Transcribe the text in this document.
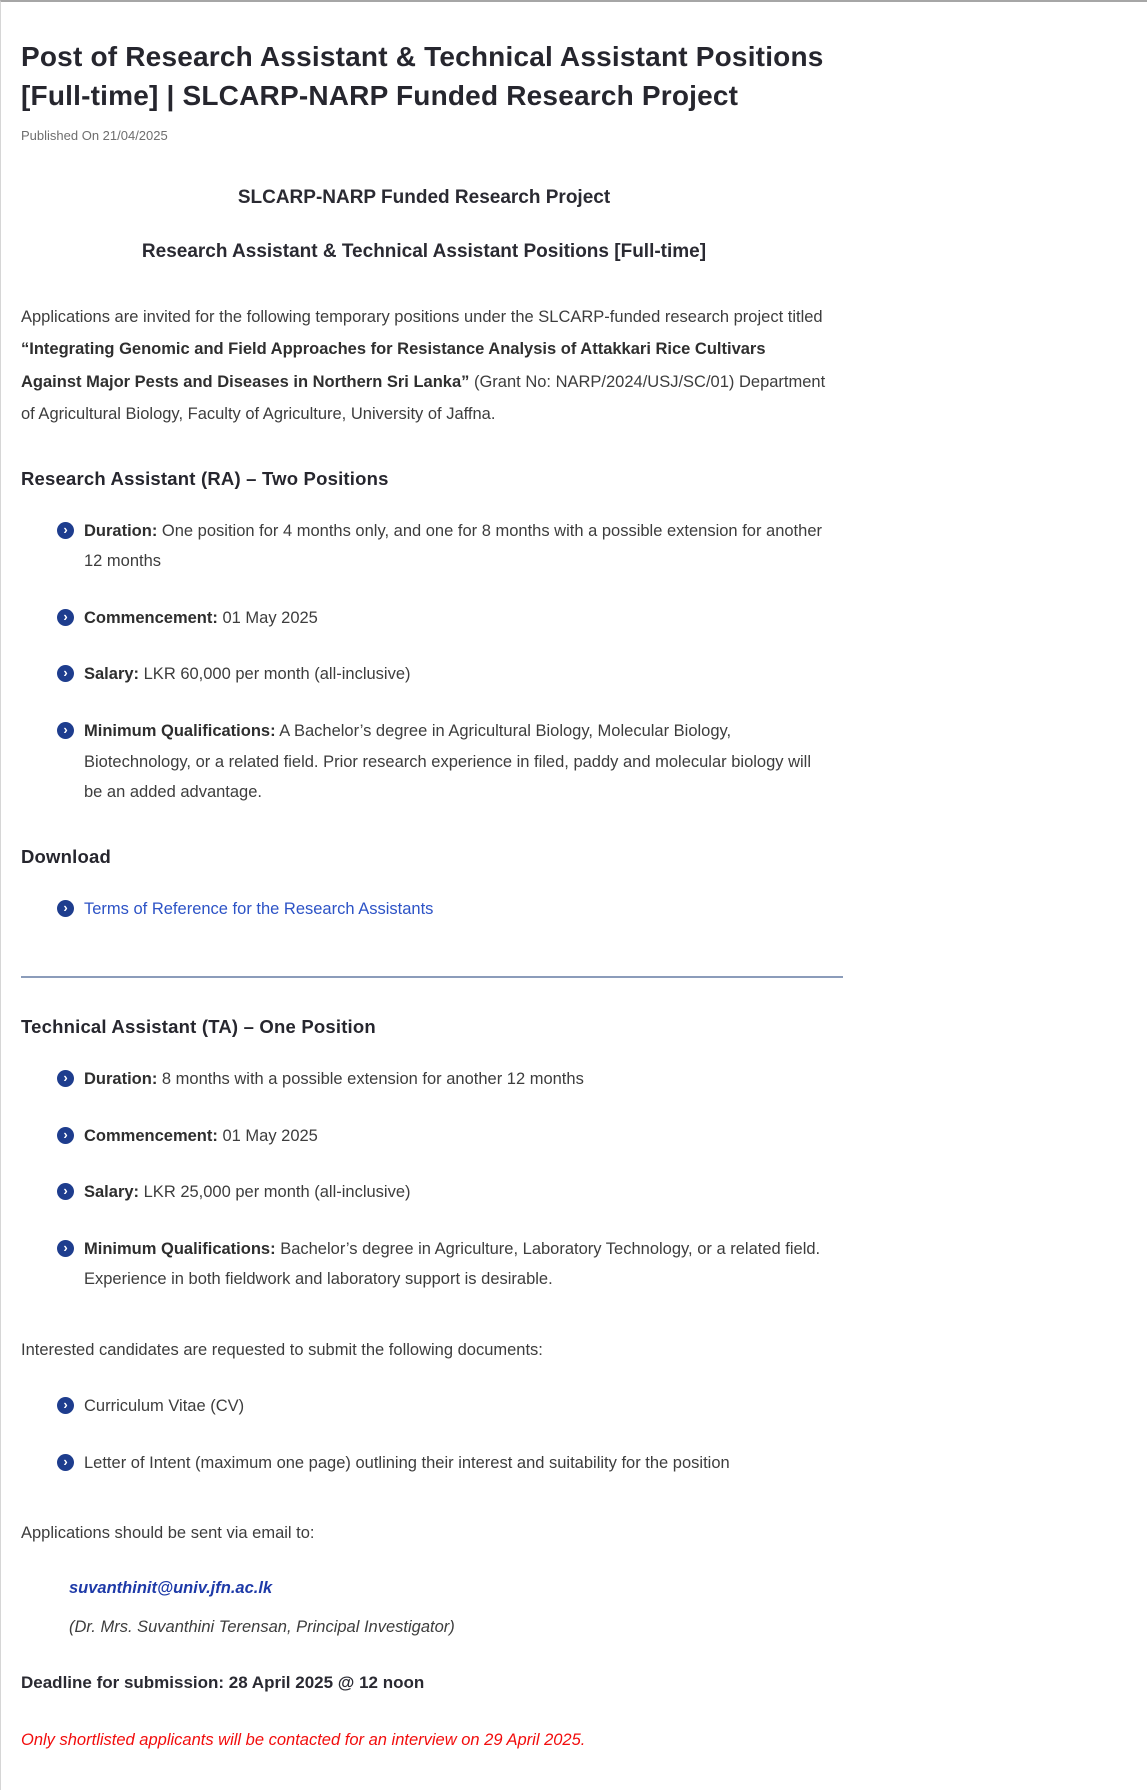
Post of Research Assistant & Technical Assistant Positions [Full-time] | SLCARP-NARP Funded Research Project
Published On 21/04/2025
SLCARP-NARP Funded Research Project
Research Assistant & Technical Assistant Positions [Full-time]

Applications are invited for the following temporary positions under the SLCARP-funded research project titled “Integrating Genomic and Field Approaches for Resistance Analysis of Attakkari Rice Cultivars Against Major Pests and Diseases in Northern Sri Lanka” (Grant No: NARP/2024/USJ/SC/01) Department of Agricultural Biology, Faculty of Agriculture, University of Jaffna.

Research Assistant (RA) – Two Positions
› Duration: One position for 4 months only, and one for 8 months with a possible extension for another 12 months
› Commencement: 01 May 2025
› Salary: LKR 60,000 per month (all-inclusive)
› Minimum Qualifications: A Bachelor’s degree in Agricultural Biology, Molecular Biology, Biotechnology, or a related field. Prior research experience in filed, paddy and molecular biology will be an added advantage.
Download
› Terms of Reference for the Research Assistants
Technical Assistant (TA) – One Position
› Duration: 8 months with a possible extension for another 12 months
› Commencement: 01 May 2025
› Salary: LKR 25,000 per month (all-inclusive)
› Minimum Qualifications: Bachelor’s degree in Agriculture, Laboratory Technology, or a related field. Experience in both fieldwork and laboratory support is desirable.

Interested candidates are requested to submit the following documents:

› Curriculum Vitae (CV)
› Letter of Intent (maximum one page) outlining their interest and suitability for the position

Applications should be sent via email to:

suvanthinit@univ.jfn.ac.lk

(Dr. Mrs. Suvanthini Terensan, Principal Investigator)

Deadline for submission: 28 April 2025 @ 12 noon

Only shortlisted applicants will be contacted for an interview on 29 April 2025.
